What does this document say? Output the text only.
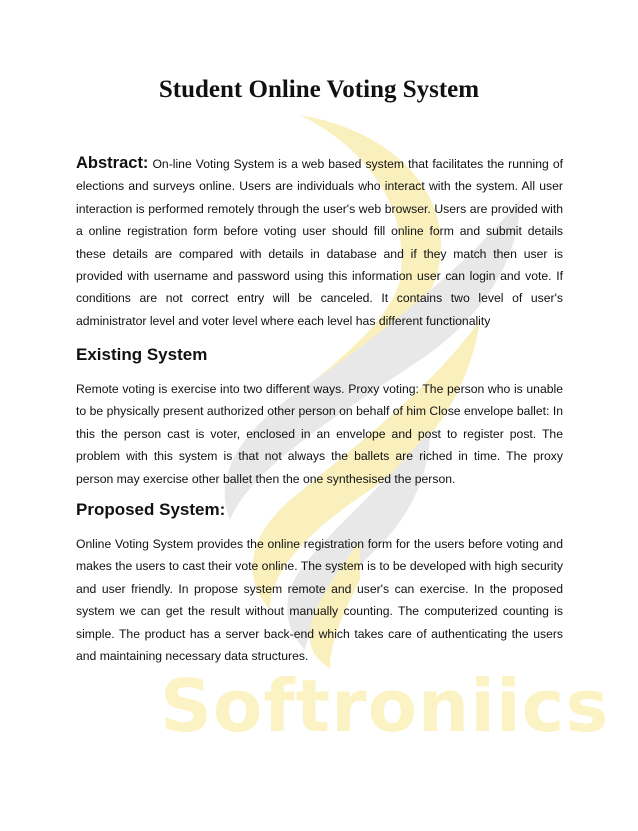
Softroniics
Student Online Voting System

Abstract: On-line Voting System is a web based system that facilitates the running of elections and surveys online. Users are individuals who interact with the system. All user interaction is performed remotely through the user's web browser. Users are provided with a online registration form before voting user should fill online form and submit details these details are compared with details in database and if they match then user is provided with username and password using this information user can login and vote. If conditions are not correct entry will be canceled. It contains two level of user's administrator level and voter level where each level has different functionality

Existing System

Remote voting is exercise into two different ways. Proxy voting: The person who is unable to be physically present authorized other person on behalf of him Close envelope ballet: In this the person cast is voter, enclosed in an envelope and post to register post. The problem with this system is that not always the ballets are riched in time. The proxy person may exercise other ballet then the one synthesised the person.

Proposed System:

Online Voting System provides the online registration form for the users before voting and makes the users to cast their vote online. The system is to be developed with high security and user friendly. In propose system remote and user's can exercise. In the proposed system we can get the result without manually counting. The computerized counting is simple. The product has a server back-end which takes care of authenticating the users and maintaining necessary data structures.
